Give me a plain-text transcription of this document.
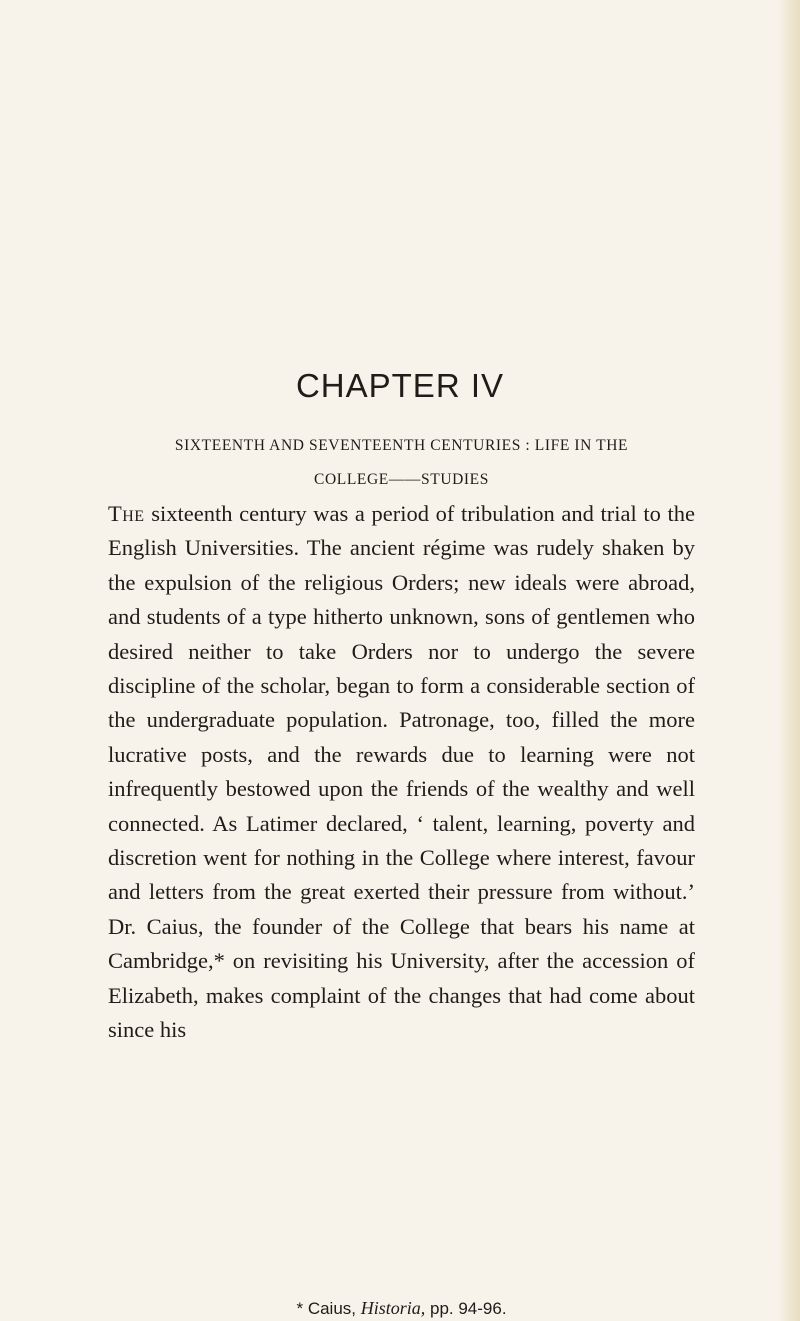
CHAPTER IV
SIXTEENTH AND SEVENTEENTH CENTURIES : LIFE IN THE
COLLEGE——STUDIES

The sixteenth century was a period of tribulation and trial to the English Universities. The ancient régime was rudely shaken by the expulsion of the religious Orders; new ideals were abroad, and students of a type hitherto unknown, sons of gentlemen who desired neither to take Orders nor to undergo the severe discipline of the scholar, began to form a considerable section of the undergraduate population. Patronage, too, filled the more lucrative posts, and the rewards due to learning were not infrequently bestowed upon the friends of the wealthy and well connected. As Latimer declared, ‘ talent, learning, poverty and discretion went for nothing in the College where interest, favour and letters from the great exerted their pressure from without.’ Dr. Caius, the founder of the College that bears his name at Cambridge,* on revisiting his University, after the accession of Elizabeth, makes complaint of the changes that had come about since his

* Caius, Historia, pp. 94-96.
